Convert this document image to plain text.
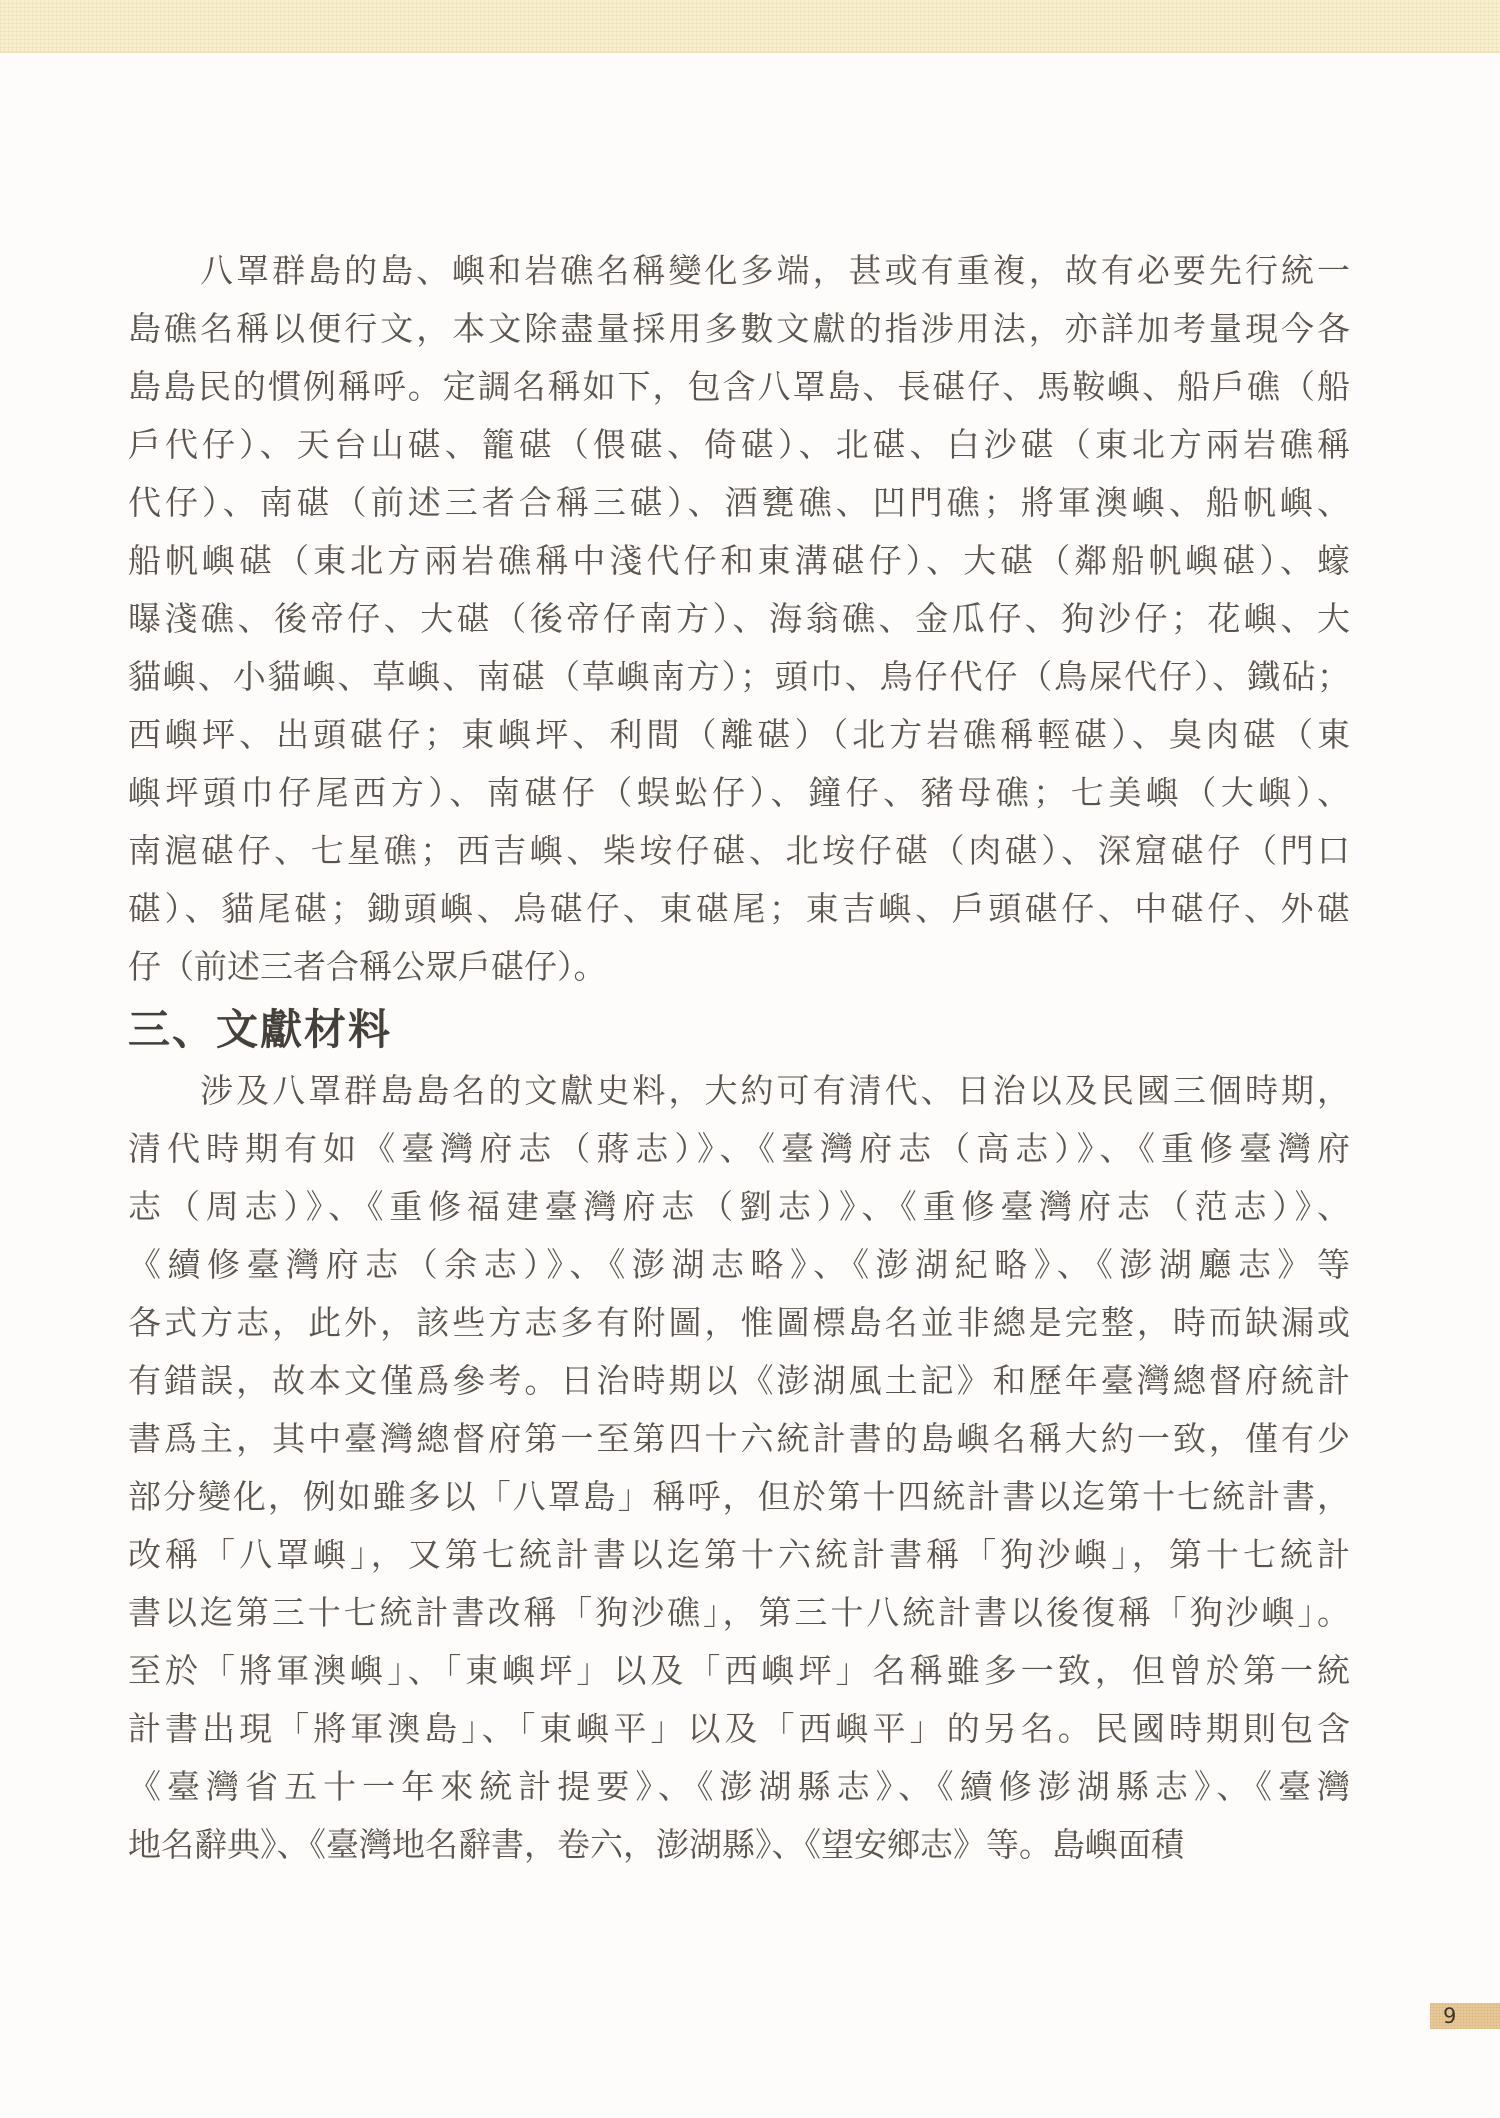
　　八罩群島的島、嶼和岩礁名稱變化多端，甚或有重複，故有必要先行統一
島礁名稱以便行文，本文除盡量採用多數文獻的指涉用法，亦詳加考量現今各
島島民的慣例稱呼。定調名稱如下，包含八罩島、長碪仔、馬鞍嶼、船戶礁（船
戶代仔）、天台山碪、籠碪（偎碪、倚碪）、北碪、白沙碪（東北方兩岩礁稱
代仔）、南碪（前述三者合稱三碪）、酒甕礁、凹門礁；將軍澳嶼、船帆嶼、
船帆嶼碪（東北方兩岩礁稱中淺代仔和東溝碪仔）、大碪（鄰船帆嶼碪）、蠔
曝淺礁、後帝仔、大碪（後帝仔南方）、海翁礁、金瓜仔、狗沙仔；花嶼、大
貓嶼、小貓嶼、草嶼、南碪（草嶼南方）；頭巾、鳥仔代仔（鳥屎代仔）、鐵砧；
西嶼坪、出頭碪仔；東嶼坪、利間（離碪）（北方岩礁稱輕碪）、臭肉碪（東
嶼坪頭巾仔尾西方）、南碪仔（蜈蚣仔）、鐘仔、豬母礁；七美嶼（大嶼）、
南滬碪仔、七星礁；西吉嶼、柴垵仔碪、北垵仔碪（肉碪）、深窟碪仔（門口
碪）、貓尾碪；鋤頭嶼、烏碪仔、東碪尾；東吉嶼、戶頭碪仔、中碪仔、外碪
仔（前述三者合稱公眾戶碪仔）。
三、文獻材料
　　涉及八罩群島島名的文獻史料，大約可有清代、日治以及民國三個時期，
清代時期有如《臺灣府志（蔣志）》、《臺灣府志（高志）》、《重修臺灣府
志（周志）》、《重修福建臺灣府志（劉志）》、《重修臺灣府志（范志）》、
《續修臺灣府志（余志）》、《澎湖志略》、《澎湖紀略》、《澎湖廳志》等
各式方志，此外，該些方志多有附圖，惟圖標島名並非總是完整，時而缺漏或
有錯誤，故本文僅爲參考。日治時期以《澎湖風土記》和歷年臺灣總督府統計
書爲主，其中臺灣總督府第一至第四十六統計書的島嶼名稱大約一致，僅有少
部分變化，例如雖多以「八罩島」稱呼，但於第十四統計書以迄第十七統計書，
改稱「八罩嶼」，又第七統計書以迄第十六統計書稱「狗沙嶼」，第十七統計
書以迄第三十七統計書改稱「狗沙礁」，第三十八統計書以後復稱「狗沙嶼」。
至於「將軍澳嶼」、「東嶼坪」以及「西嶼坪」名稱雖多一致，但曾於第一統
計書出現「將軍澳島」、「東嶼平」以及「西嶼平」的另名。民國時期則包含
《臺灣省五十一年來統計提要》、《澎湖縣志》、《續修澎湖縣志》、《臺灣
地名辭典》、《臺灣地名辭書，卷六，澎湖縣》、《望安鄉志》等。島嶼面積
9
